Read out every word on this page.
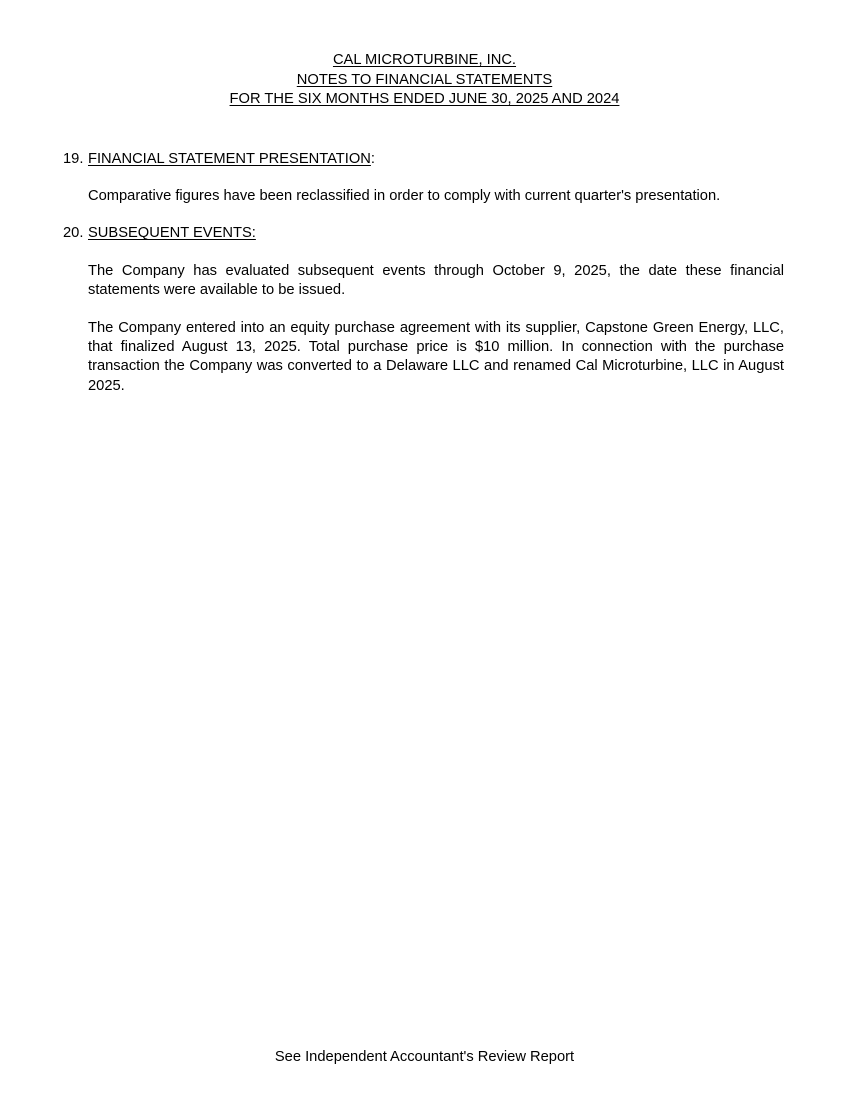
CAL MICROTURBINE, INC.
NOTES TO FINANCIAL STATEMENTS
FOR THE SIX MONTHS ENDED JUNE 30, 2025 AND 2024
19. FINANCIAL STATEMENT PRESENTATION:

Comparative figures have been reclassified in order to comply with current quarter's presentation.

20. SUBSEQUENT EVENTS:

The Company has evaluated subsequent events through October 9, 2025, the date these financial statements were available to be issued.

The Company entered into an equity purchase agreement with its supplier, Capstone Green Energy, LLC, that finalized August 13, 2025. Total purchase price is $10 million. In connection with the purchase transaction the Company was converted to a Delaware LLC and renamed Cal Microturbine, LLC in August 2025.

See Independent Accountant's Review Report
